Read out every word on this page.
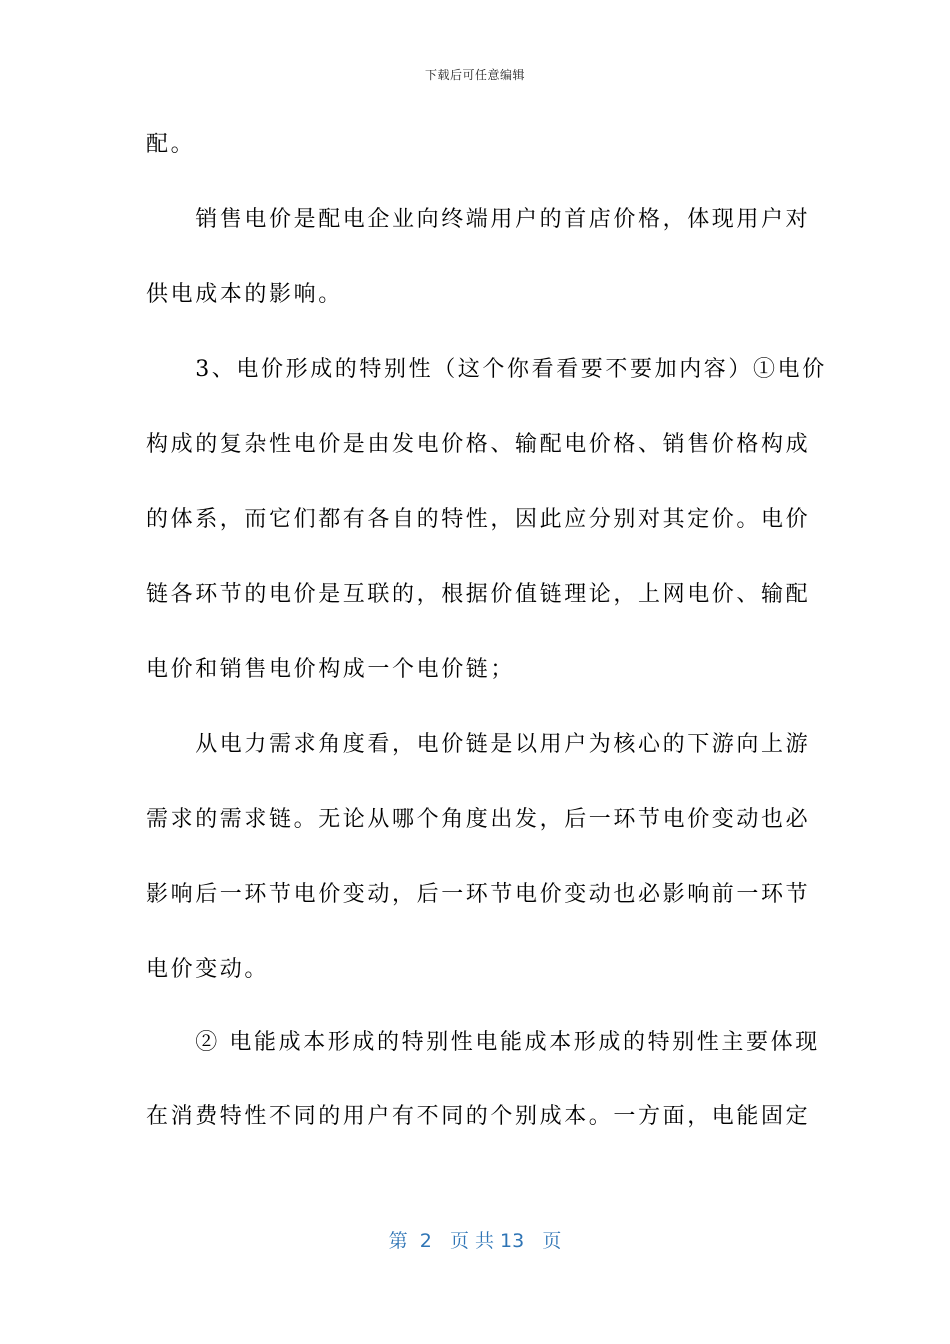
下载后可任意编辑
配。
　　销售电价是配电企业向终端用户的首店价格，体现用户对
供电成本的影响。
　　3、电价形成的特别性（这个你看看要不要加内容）①电价
构成的复杂性电价是由发电价格、输配电价格、销售价格构成
的体系，而它们都有各自的特性，因此应分别对其定价。电价
链各环节的电价是互联的，根据价值链理论，上网电价、输配
电价和销售电价构成一个电价链；
　　从电力需求角度看，电价链是以用户为核心的下游向上游
需求的需求链。无论从哪个角度出发，后一环节电价变动也必
影响后一环节电价变动，后一环节电价变动也必影响前一环节
电价变动。
　　② 电能成本形成的特别性电能成本形成的特别性主要体现
在消费特性不同的用户有不同的个别成本。一方面，电能固定
第  2   页 共 13   页
